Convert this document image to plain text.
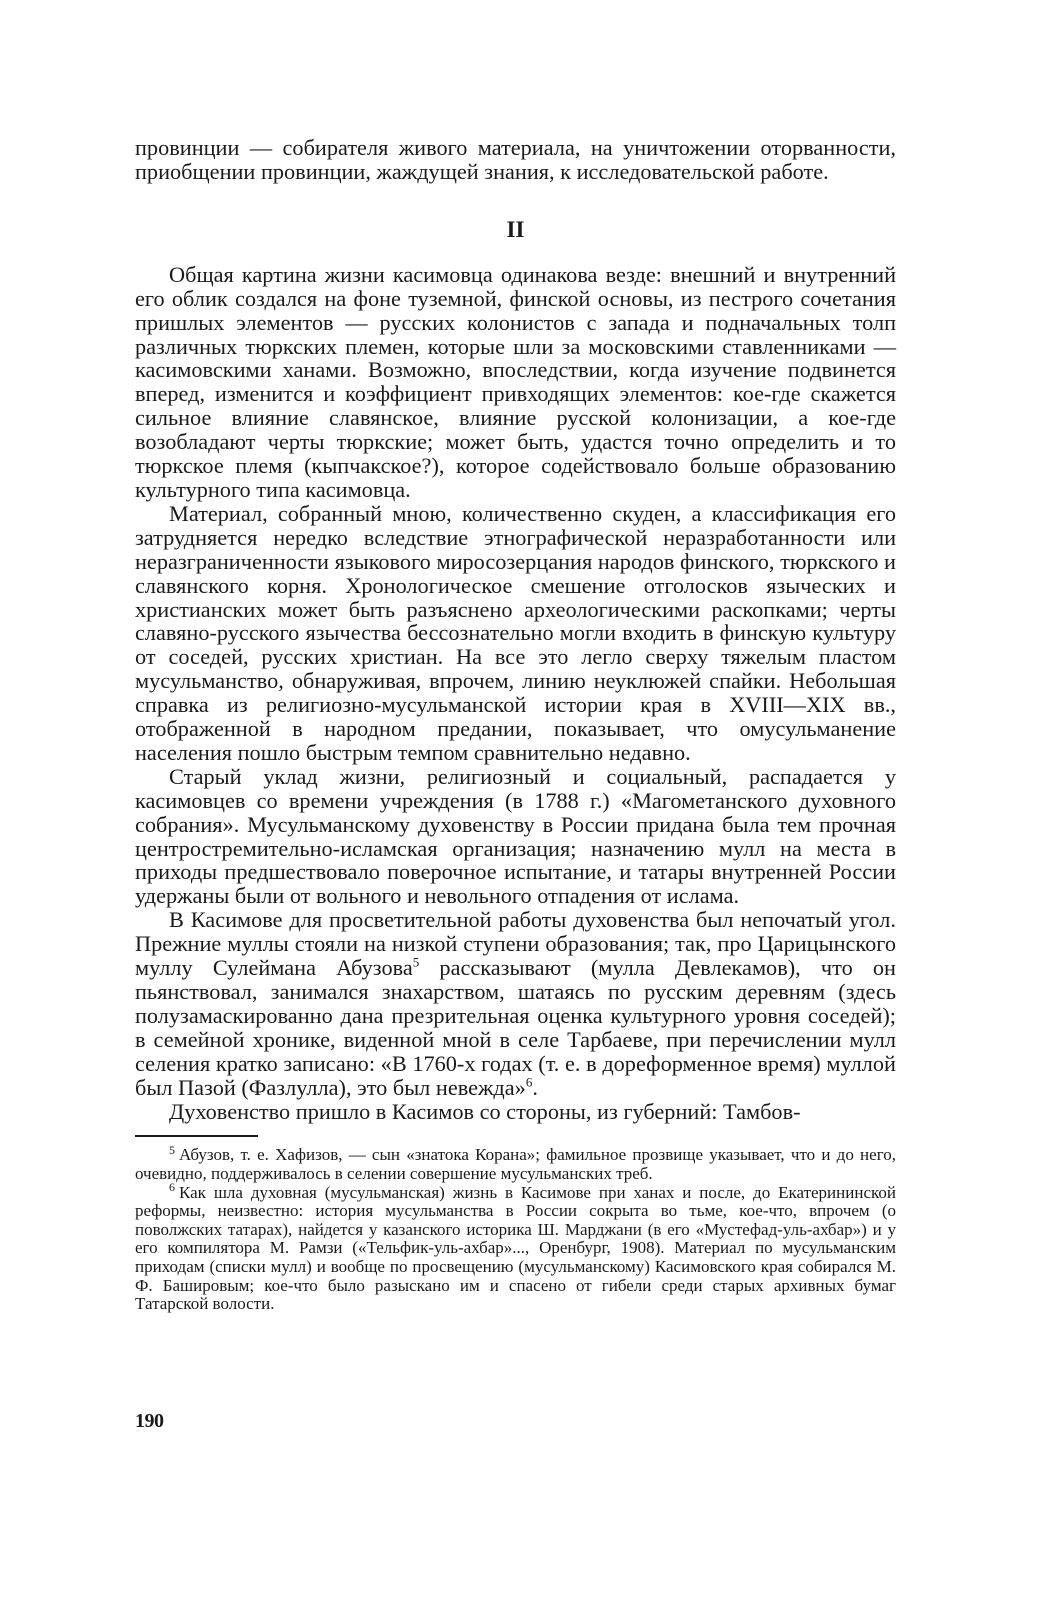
провинции — собирателя живого материала, на уничтожении оторванности, приобщении провинции, жаждущей знания, к исследовательской работе.

II

Общая картина жизни касимовца одинакова везде: внешний и внутренний его облик создался на фоне туземной, финской основы, из пестрого сочетания пришлых элементов — русских колонистов с запада и подначальных толп различных тюркских племен, которые шли за московскими ставленниками — касимовскими ханами. Возможно, впоследствии, когда изучение подвинется вперед, изменится и коэффициент привходящих элементов: кое-где скажется сильное влияние славянское, влияние русской колонизации, а кое-где возобладают черты тюркские; может быть, удастся точно определить и то тюркское племя (кыпчакское?), которое содействовало больше образованию культурного типа касимовца.

Материал, собранный мною, количественно скуден, а классификация его затрудняется нередко вследствие этнографической неразработанности или неразграниченности языкового миросозерцания народов финского, тюркского и славянского корня. Хронологическое смешение отголосков языческих и христианских может быть разъяснено археологическими раскопками; черты славяно-русского язычества бессознательно могли входить в финскую культуру от соседей, русских христиан. На все это легло сверху тяжелым пластом мусульманство, обнаруживая, впрочем, линию неуклюжей спайки. Небольшая справка из религиозно-мусульманской истории края в XVIII—XIX вв., отображенной в народном предании, показывает, что омусульманение населения пошло быстрым темпом сравнительно недавно.

Старый уклад жизни, религиозный и социальный, распадается у касимовцев со времени учреждения (в 1788 г.) «Магометанского духовного собрания». Мусульманскому духовенству в России придана была тем прочная центростремительно-исламская организация; назначению мулл на места в приходы предшествовало поверочное испытание, и татары внутренней России удержаны были от вольного и невольного отпадения от ислама.

В Касимове для просветительной работы духовенства был непочатый угол. Прежние муллы стояли на низкой ступени образования; так, про Царицынского муллу Сулеймана Абузова$^5$ рассказывают (мулла Девлекамов), что он пьянствовал, занимался знахарством, шатаясь по русским деревням (здесь полузамаскированно дана презрительная оценка культурного уровня соседей); в семейной хронике, виденной мной в селе Тарбаеве, при перечислении мулл селения кратко записано: «В 1760-х годах (т. е. в дореформенное время) муллой был Пазой (Фазлулла), это был невежда»$^6$.

Духовенство пришло в Касимов со стороны, из губерний: Тамбов-

$^5$ Абузов, т. е. Хафизов, — сын «знатока Корана»; фамильное прозвище указывает, что и до него, очевидно, поддерживалось в селении совершение мусульманских треб.

$^6$ Как шла духовная (мусульманская) жизнь в Касимове при ханах и после, до Екатерининской реформы, неизвестно: история мусульманства в России сокрыта во тьме, кое-что, впрочем (о поволжских татарах), найдется у казанского историка Ш. Марджани (в его «Мустефад-уль-ахбар») и у его компилятора М. Рамзи («Тельфик-уль-ахбар»..., Оренбург, 1908). Материал по мусульманским приходам (списки мулл) и вообще по просвещению (мусульманскому) Касимовского края собирался М. Ф. Башировым; кое-что было разыскано им и спасено от гибели среди старых архивных бумаг Татарской волости.

190
